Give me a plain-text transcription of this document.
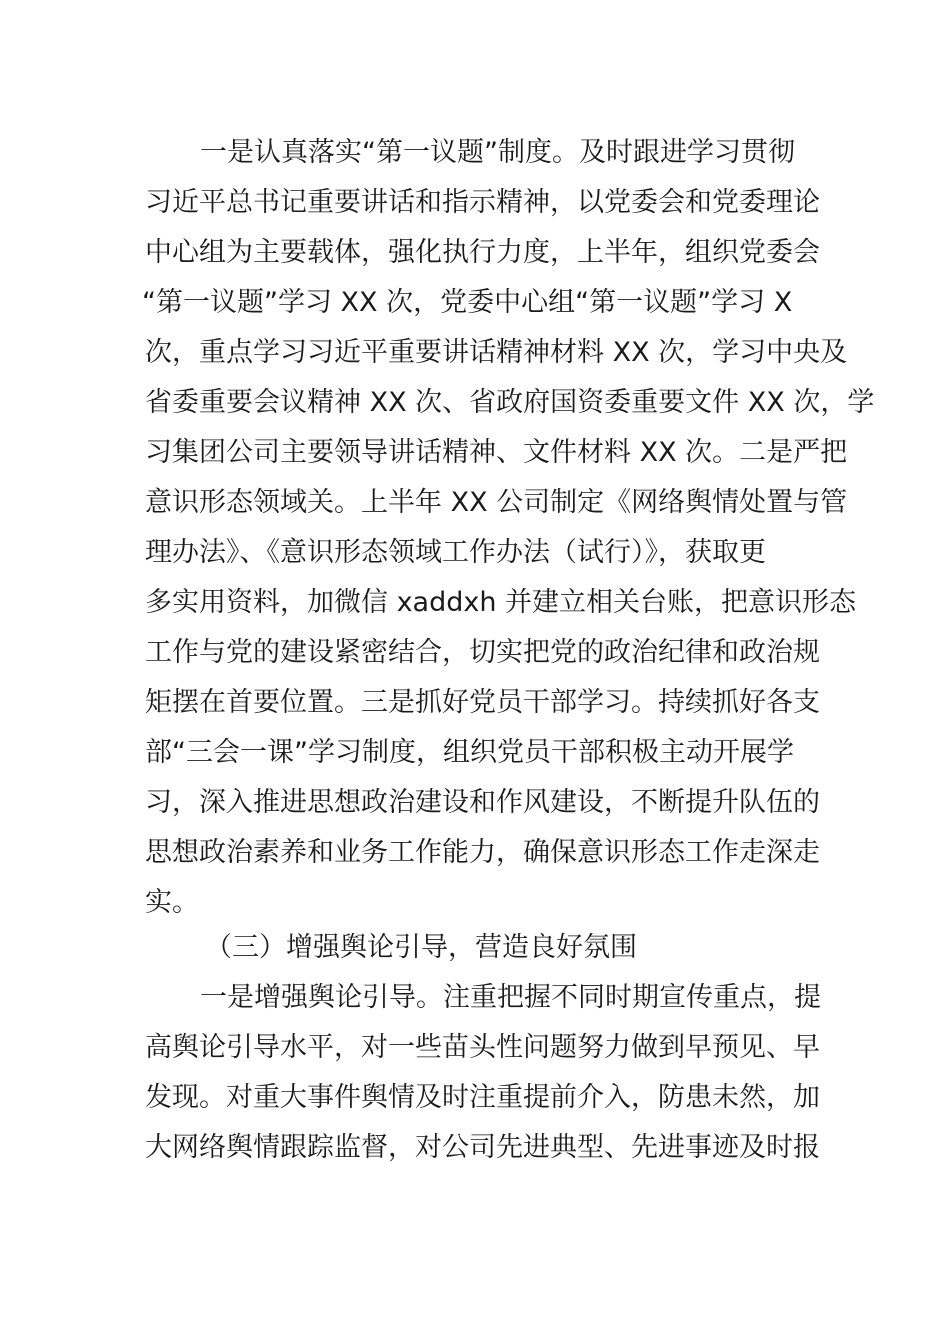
一是认真落实“第一议题”制度。及时跟进学习贯彻
习近平总书记重要讲话和指示精神，以党委会和党委理论
中心组为主要载体，强化执行力度，上半年，组织党委会
“第一议题”学习 XX 次，党委中心组“第一议题”学习 X
次，重点学习习近平重要讲话精神材料 XX 次，学习中央及
省委重要会议精神 XX 次、省政府国资委重要文件 XX 次，学
习集团公司主要领导讲话精神、文件材料 XX 次。二是严把
意识形态领域关。上半年 XX 公司制定《网络舆情处置与管
理办法》、《意识形态领域工作办法（试行）》，获取更
多实用资料，加微信 xaddxh 并建立相关台账，把意识形态
工作与党的建设紧密结合，切实把党的政治纪律和政治规
矩摆在首要位置。三是抓好党员干部学习。持续抓好各支
部“三会一课”学习制度，组织党员干部积极主动开展学
习，深入推进思想政治建设和作风建设，不断提升队伍的
思想政治素养和业务工作能力，确保意识形态工作走深走
实。
（三）增强舆论引导，营造良好氛围
一是增强舆论引导。注重把握不同时期宣传重点，提
高舆论引导水平，对一些苗头性问题努力做到早预见、早
发现。对重大事件舆情及时注重提前介入，防患未然，加
大网络舆情跟踪监督，对公司先进典型、先进事迹及时报
